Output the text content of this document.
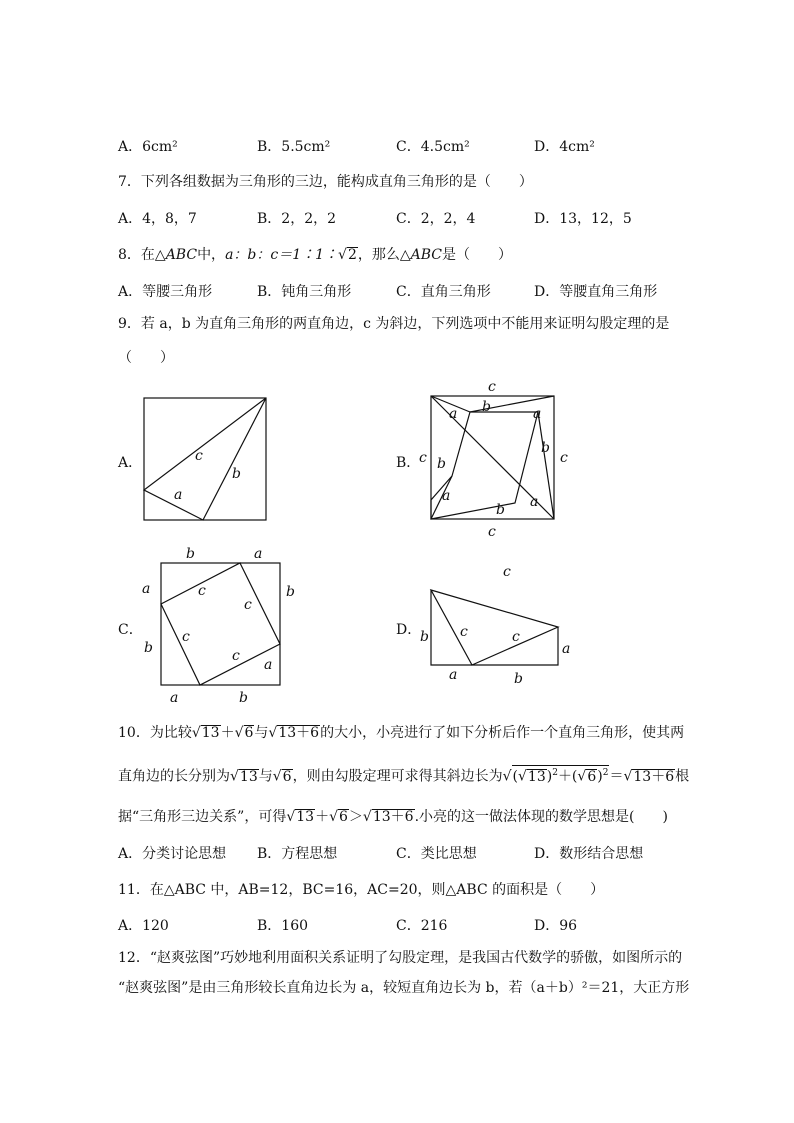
A．6cm²	B．5.5cm²	C．4.5cm²	D．4cm²
7．下列各组数据为三角形的三边，能构成直角三角形的是（　　）
A．4，8，7	B．2，2，2	C．2，2，4	D．13，12，5
8．在△ABC中，a：b：c＝1∶1∶√2，那么△ABC是（　　）
A．等腰三角形	B．钝角三角形	C．直角三角形	D．等腰直角三角形
9．若 a，b 为直角三角形的两直角边，c 为斜边，下列选项中不能用来证明勾股定理的是
（　　）
A．	B．
C．	D．
c
a
b
c
c
c	c
a b	a
b
b
a
b a
b	a
a
b
b
a
a	b
c
c
c
c
c
b c	c
a
a	b
10．为比较√13＋√6与√13＋6的大小，小亮进行了如下分析后作一个直角三角形，使其两
直角边的长分别为√13与√6，则由勾股定理可求得其斜边长为$√(√13)^2+(√6)^2=√13+6$根
据“三角形三边关系”，可得√13＋√6＞√13＋6.小亮的这一做法体现的数学思想是(　　)
A．分类讨论思想 B．方程思想	C．类比思想	D．数形结合思想
11．在△ABC 中，AB=12，BC=16，AC=20，则△ABC 的面积是（　　）
A．120	B．160	C．216	D．96
12．“赵爽弦图”巧妙地利用面积关系证明了勾股定理，是我国古代数学的骄傲，如图所示的
“赵爽弦图”是由三角形较长直角边长为 a，较短直角边长为 b，若（a＋b）²＝21，大正方形
